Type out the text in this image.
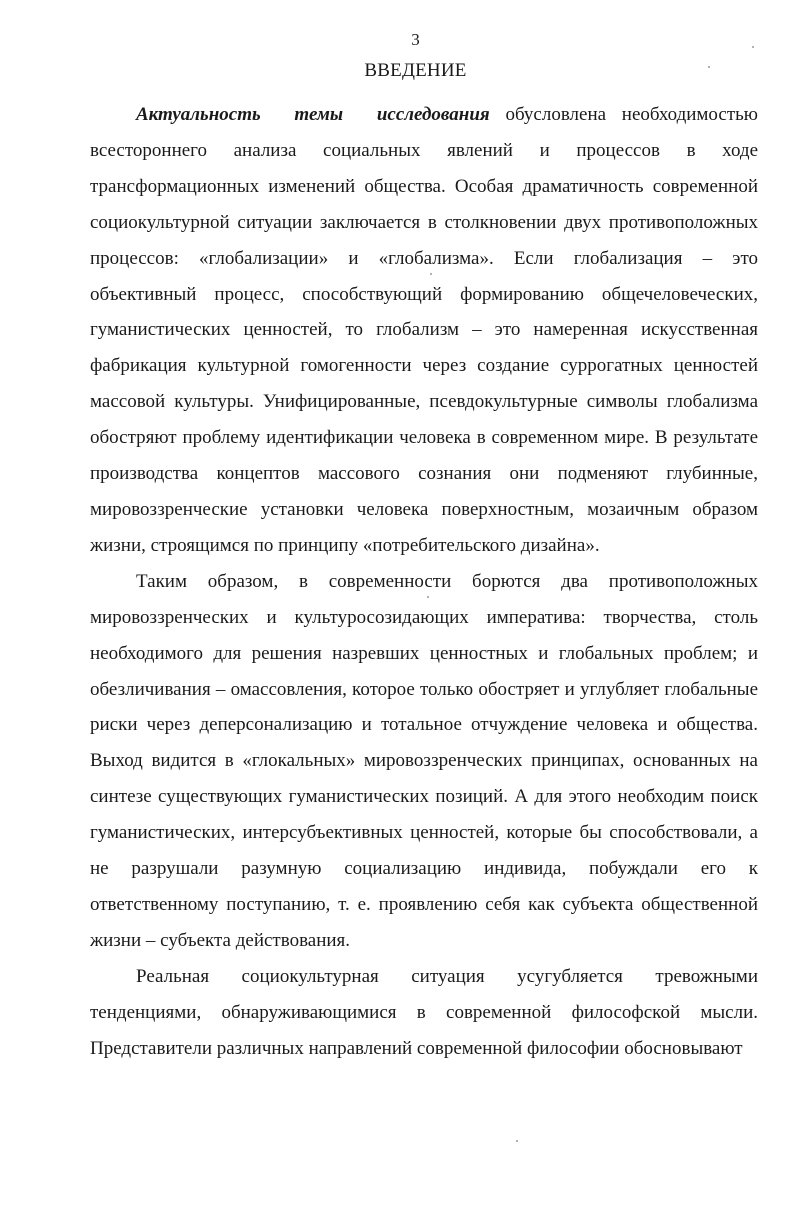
3
ВВЕДЕНИЕ

Актуальность темы исследования обусловлена необходимостью всестороннего анализа социальных явлений и процессов в ходе трансформационных изменений общества. Особая драматичность современной социокультурной ситуации заключается в столкновении двух противоположных процессов: «глобализации» и «глобализма». Если глобализация – это объективный процесс, способствующий формированию общечеловеческих, гуманистических ценностей, то глобализм – это намеренная искусственная фабрикация культурной гомогенности через создание суррогатных ценностей массовой культуры. Унифицированные, псевдокультурные символы глобализма обостряют проблему идентификации человека в современном мире. В результате производства концептов массового сознания они подменяют глубинные, мировоззренческие установки человека поверхностным, мозаичным образом жизни, строящимся по принципу «потребительского дизайна».

Таким образом, в современности борются два противоположных мировоззренческих и культуросозидающих императива: творчества, столь необходимого для решения назревших ценностных и глобальных проблем; и обезличивания – омассовления, которое только обостряет и углубляет глобальные риски через деперсонализацию и тотальное отчуждение человека и общества. Выход видится в «глокальных» мировоззренческих принципах, основанных на синтезе существующих гуманистических позиций. А для этого необходим поиск гуманистических, интерсубъективных ценностей, которые бы способствовали, а не разрушали разумную социализацию индивида, побуждали его к ответственному поступанию, т. е. проявлению себя как субъекта общественной жизни – субъекта действования.

Реальная социокультурная ситуация усугубляется тревожными тенденциями, обнаруживающимися в современной философской мысли. Представители различных направлений современной философии обосновывают
